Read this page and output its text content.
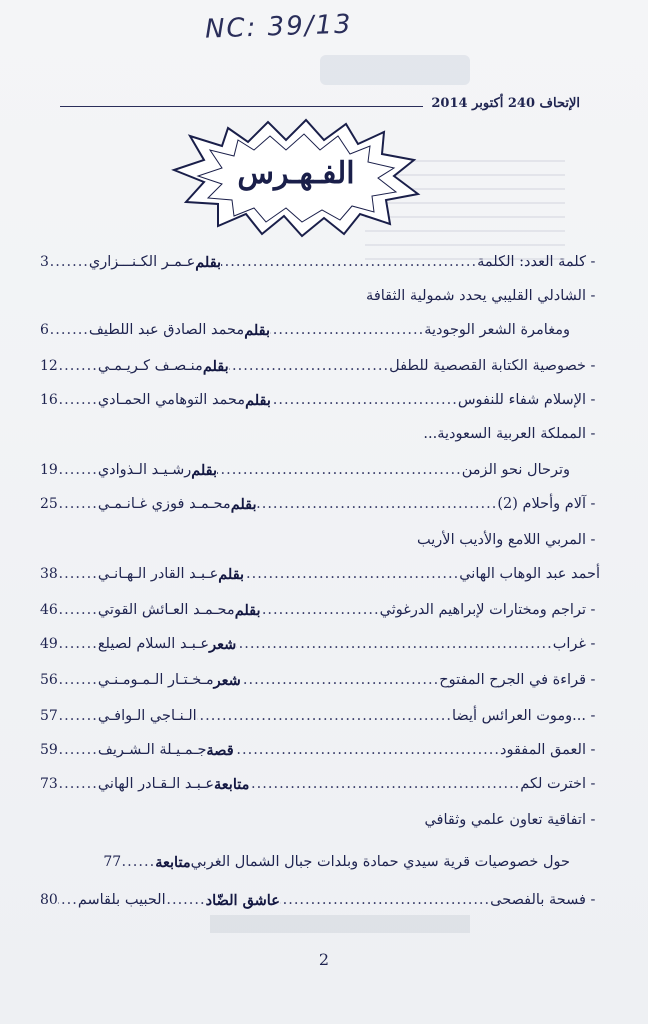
NC: 39/13
الإتحاف 240 أكتوبر 2014
الفـهـرس
-
كلمة العدد: الكلمة
.....
بقلم
عـمـر الكـنـــزاري
.....
3
-
الشادلي القليبي يحدد شمولية الثقافة
ومغامرة الشعر الوجودية
.....
بقلم
محمد الصادق عبد اللطيف
.....
6
-
خصوصية الكتابة القصصية للطفل
.....
بقلم
منـصـف كـريـمـي
.....
12
-
الإسلام شفاء للنفوس
.....
بقلم
محمد التوهامي الحمـادي
.....
16
-
المملكة العربية السعودية...
وترحال نحو الزمن
.....
بقلم
رشـيـد الـذوادي
.....
19
-
آلام وأحلام (2)
.....
بقلم
محـمـد فوزي غـانـمـي
.....
25
-
المربي اللامع والأديب الأريب
أحمد عبد الوهاب الهاني
.....
بقلم
عـبـد القادر الـهـانـي
.....
38
-
تراجم ومختارات لإبراهيم الدرغوثي
.....
بقلم
محـمـد العـائش القوتي
.....
46
-
غراب
.....
شعر
عـبـد السلام لصيلع
.....
49
-
قراءة في الجرح المفتوح
.....
شعر
مـخـتـار الـمـومـنـي
.....
56
-
...وموت العرائس أيضا
.....
الـنـاجي الـوافـي
.....
57
-
العمق المفقود
.....
قصة
جـمـيـلة الـشـريف
.....
59
-
اخترت لكم
.....
متابعة
عـبـد الـقـادر الهاني
.....
73
-
اتفاقية تعاون علمي وثقافي
حول خصوصيات قرية سيدي حمادة وبلدات جبال الشمال الغربي
متابعة
.....
77
-
فسحة بالفصحى
.....
عاشق الضّاد
.....
الحبيب بلقاسم
.....
80
2
